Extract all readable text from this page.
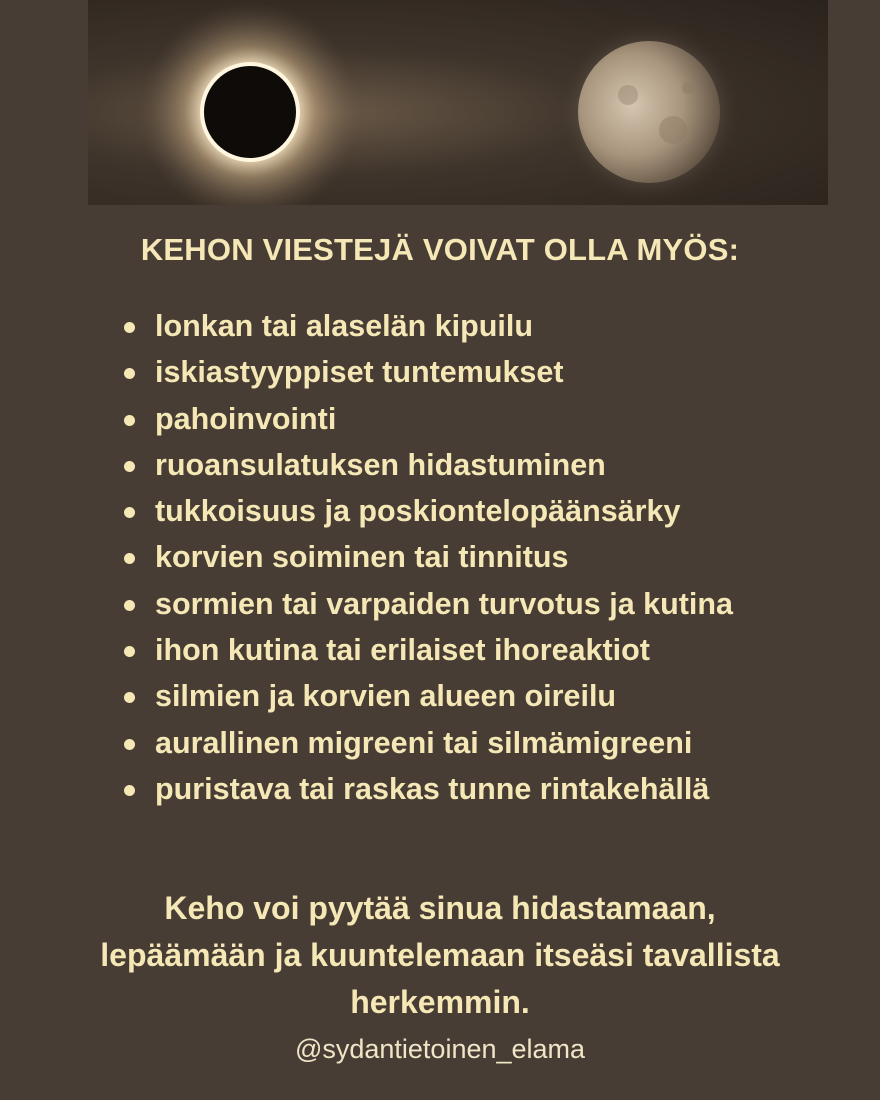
KEHON VIESTEJÄ VOIVAT OLLA MYÖS:
lonkan tai alaselän kipuilu
iskiastyyppiset tuntemukset
pahoinvointi
ruoansulatuksen hidastuminen
tukkoisuus ja poskiontelopäänsärky
korvien soiminen tai tinnitus
sormien tai varpaiden turvotus ja kutina
ihon kutina tai erilaiset ihoreaktiot
silmien ja korvien alueen oireilu
aurallinen migreeni tai silmämigreeni
puristava tai raskas tunne rintakehällä

Keho voi pyytää sinua hidastamaan, lepäämään ja kuuntelemaan itseäsi tavallista herkemmin.

@sydantietoinen_elama
